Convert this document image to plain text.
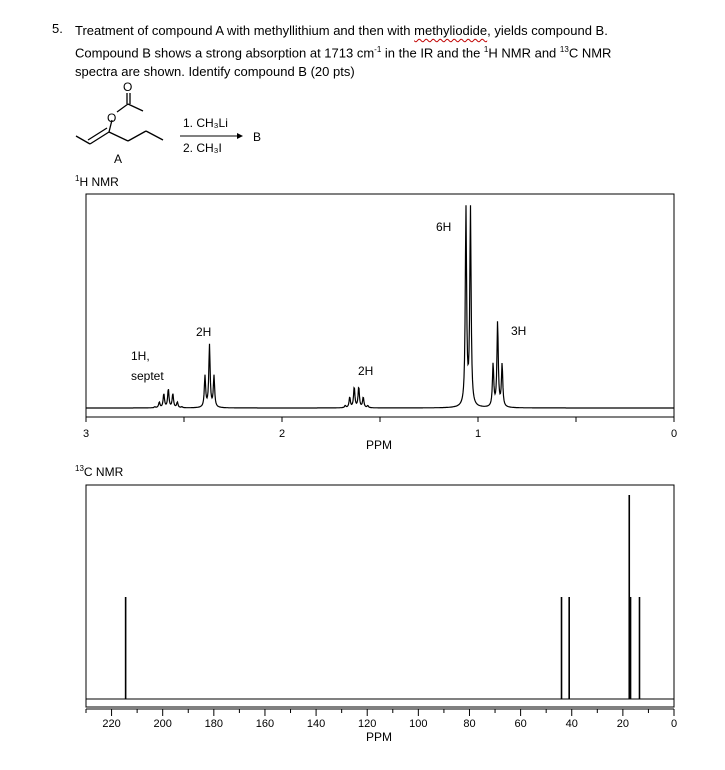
5. Treatment of compound A with methyllithium and then with methyliodide, yields compound B.
Compound B shows a strong absorption at 1713 $cm^{-1}$ in the IR and the $^1$H NMR and $^{13}$C NMR
spectra are shown. Identify compound B (20 pts)
O
O
A
1. CH₃Li
2. CH₃I
B
$^1$H NMR
3	2	1	0
1H,
septet
2H
2H
6H
3H
PPM
$^{13}$C NMR
220	200	180	160	140	120	100	80	60	40	20	0
PPM
